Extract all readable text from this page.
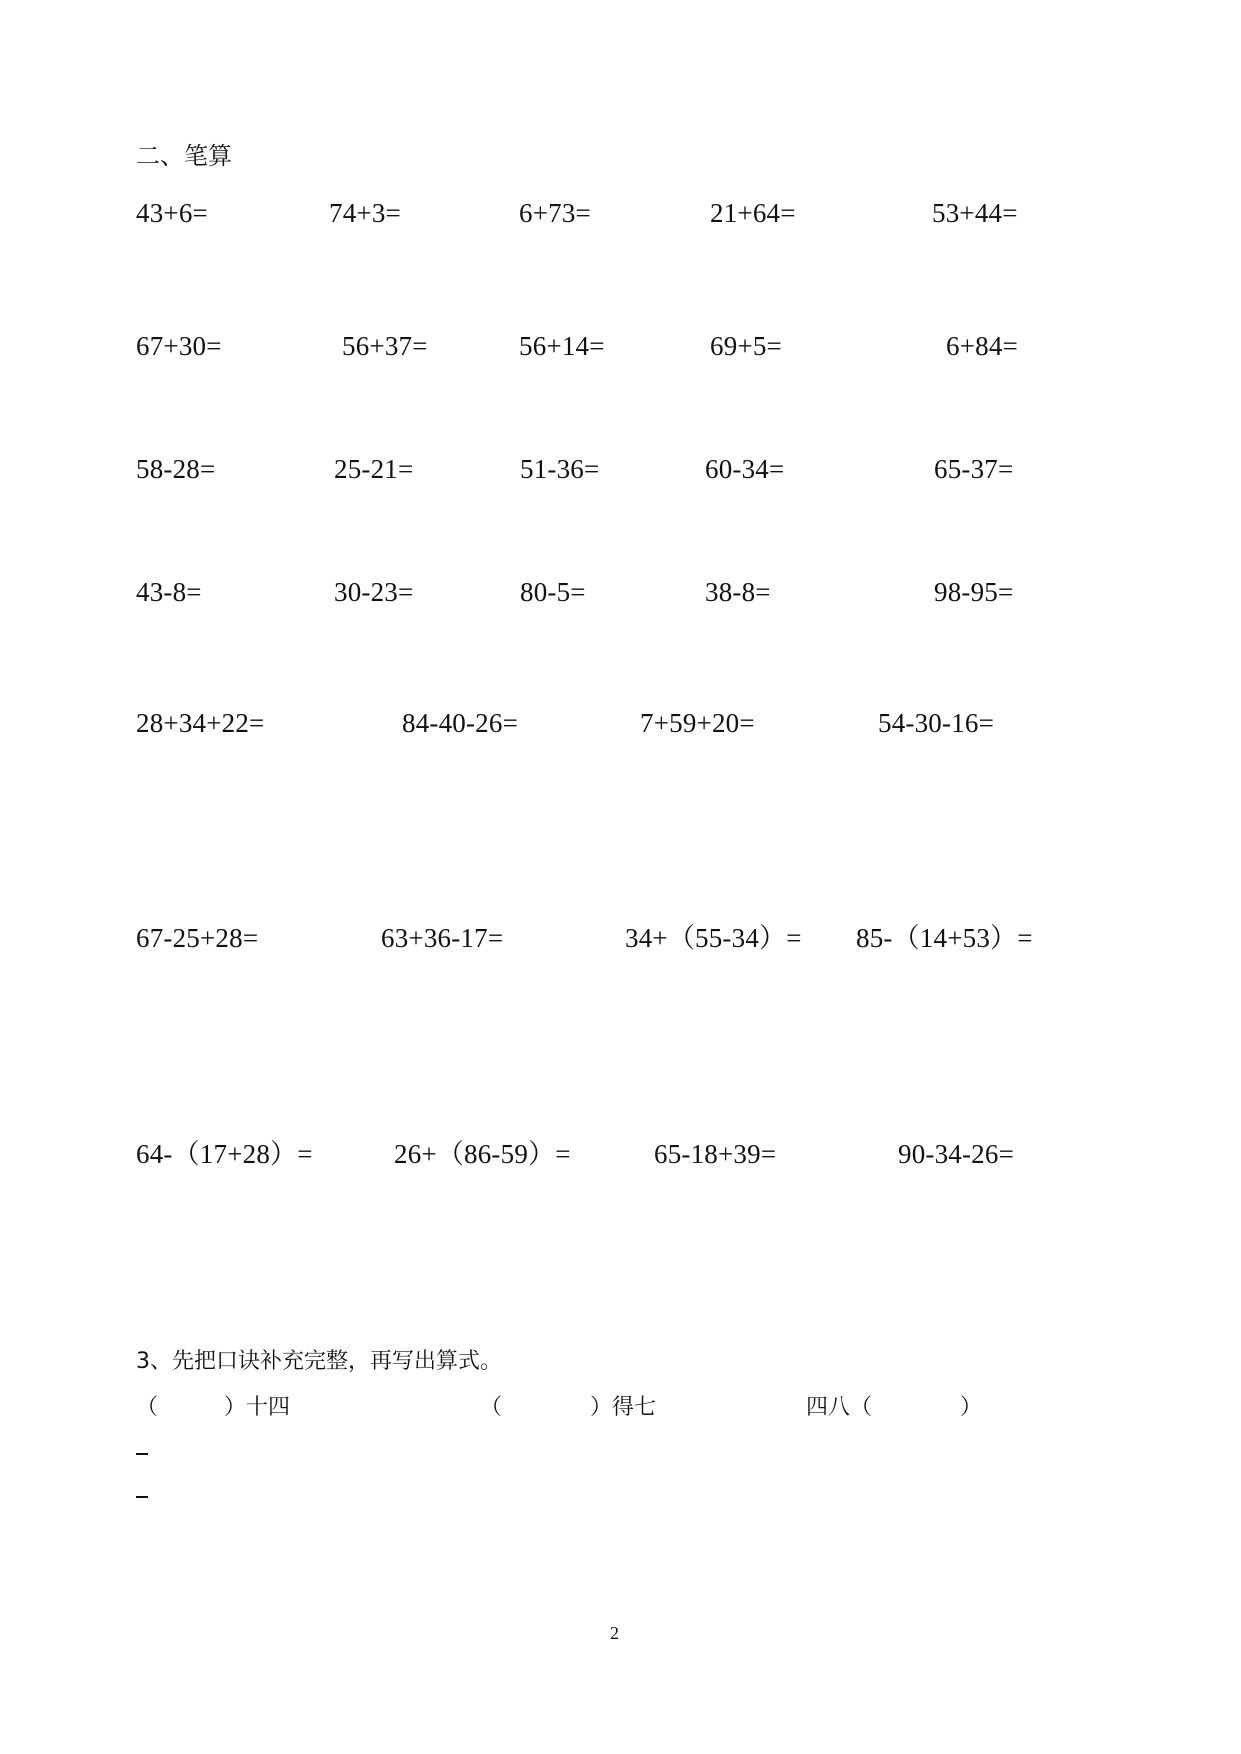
二、笔算
43+6=	74+3=	6+73=	21+64=	53+44=
67+30=	56+37=	56+14=	69+5=	6+84=
58-28=	25-21=	51-36=	60-34=	65-37=
43-8=	30-23=	80-5=	38-8=	98-95=
28+34+22=	84-40-26=	7+59+20=	54-30-16=
67-25+28=	63+36-17=	34+（55-34）= 85-（14+53）=
64-（17+28）=	26+（86-59）=	65-18+39=	90-34-26=
3、先把口诀补充完整，再写出算式。
（　　　）十四	（　　　　）得七	四八（　　　　）
2
